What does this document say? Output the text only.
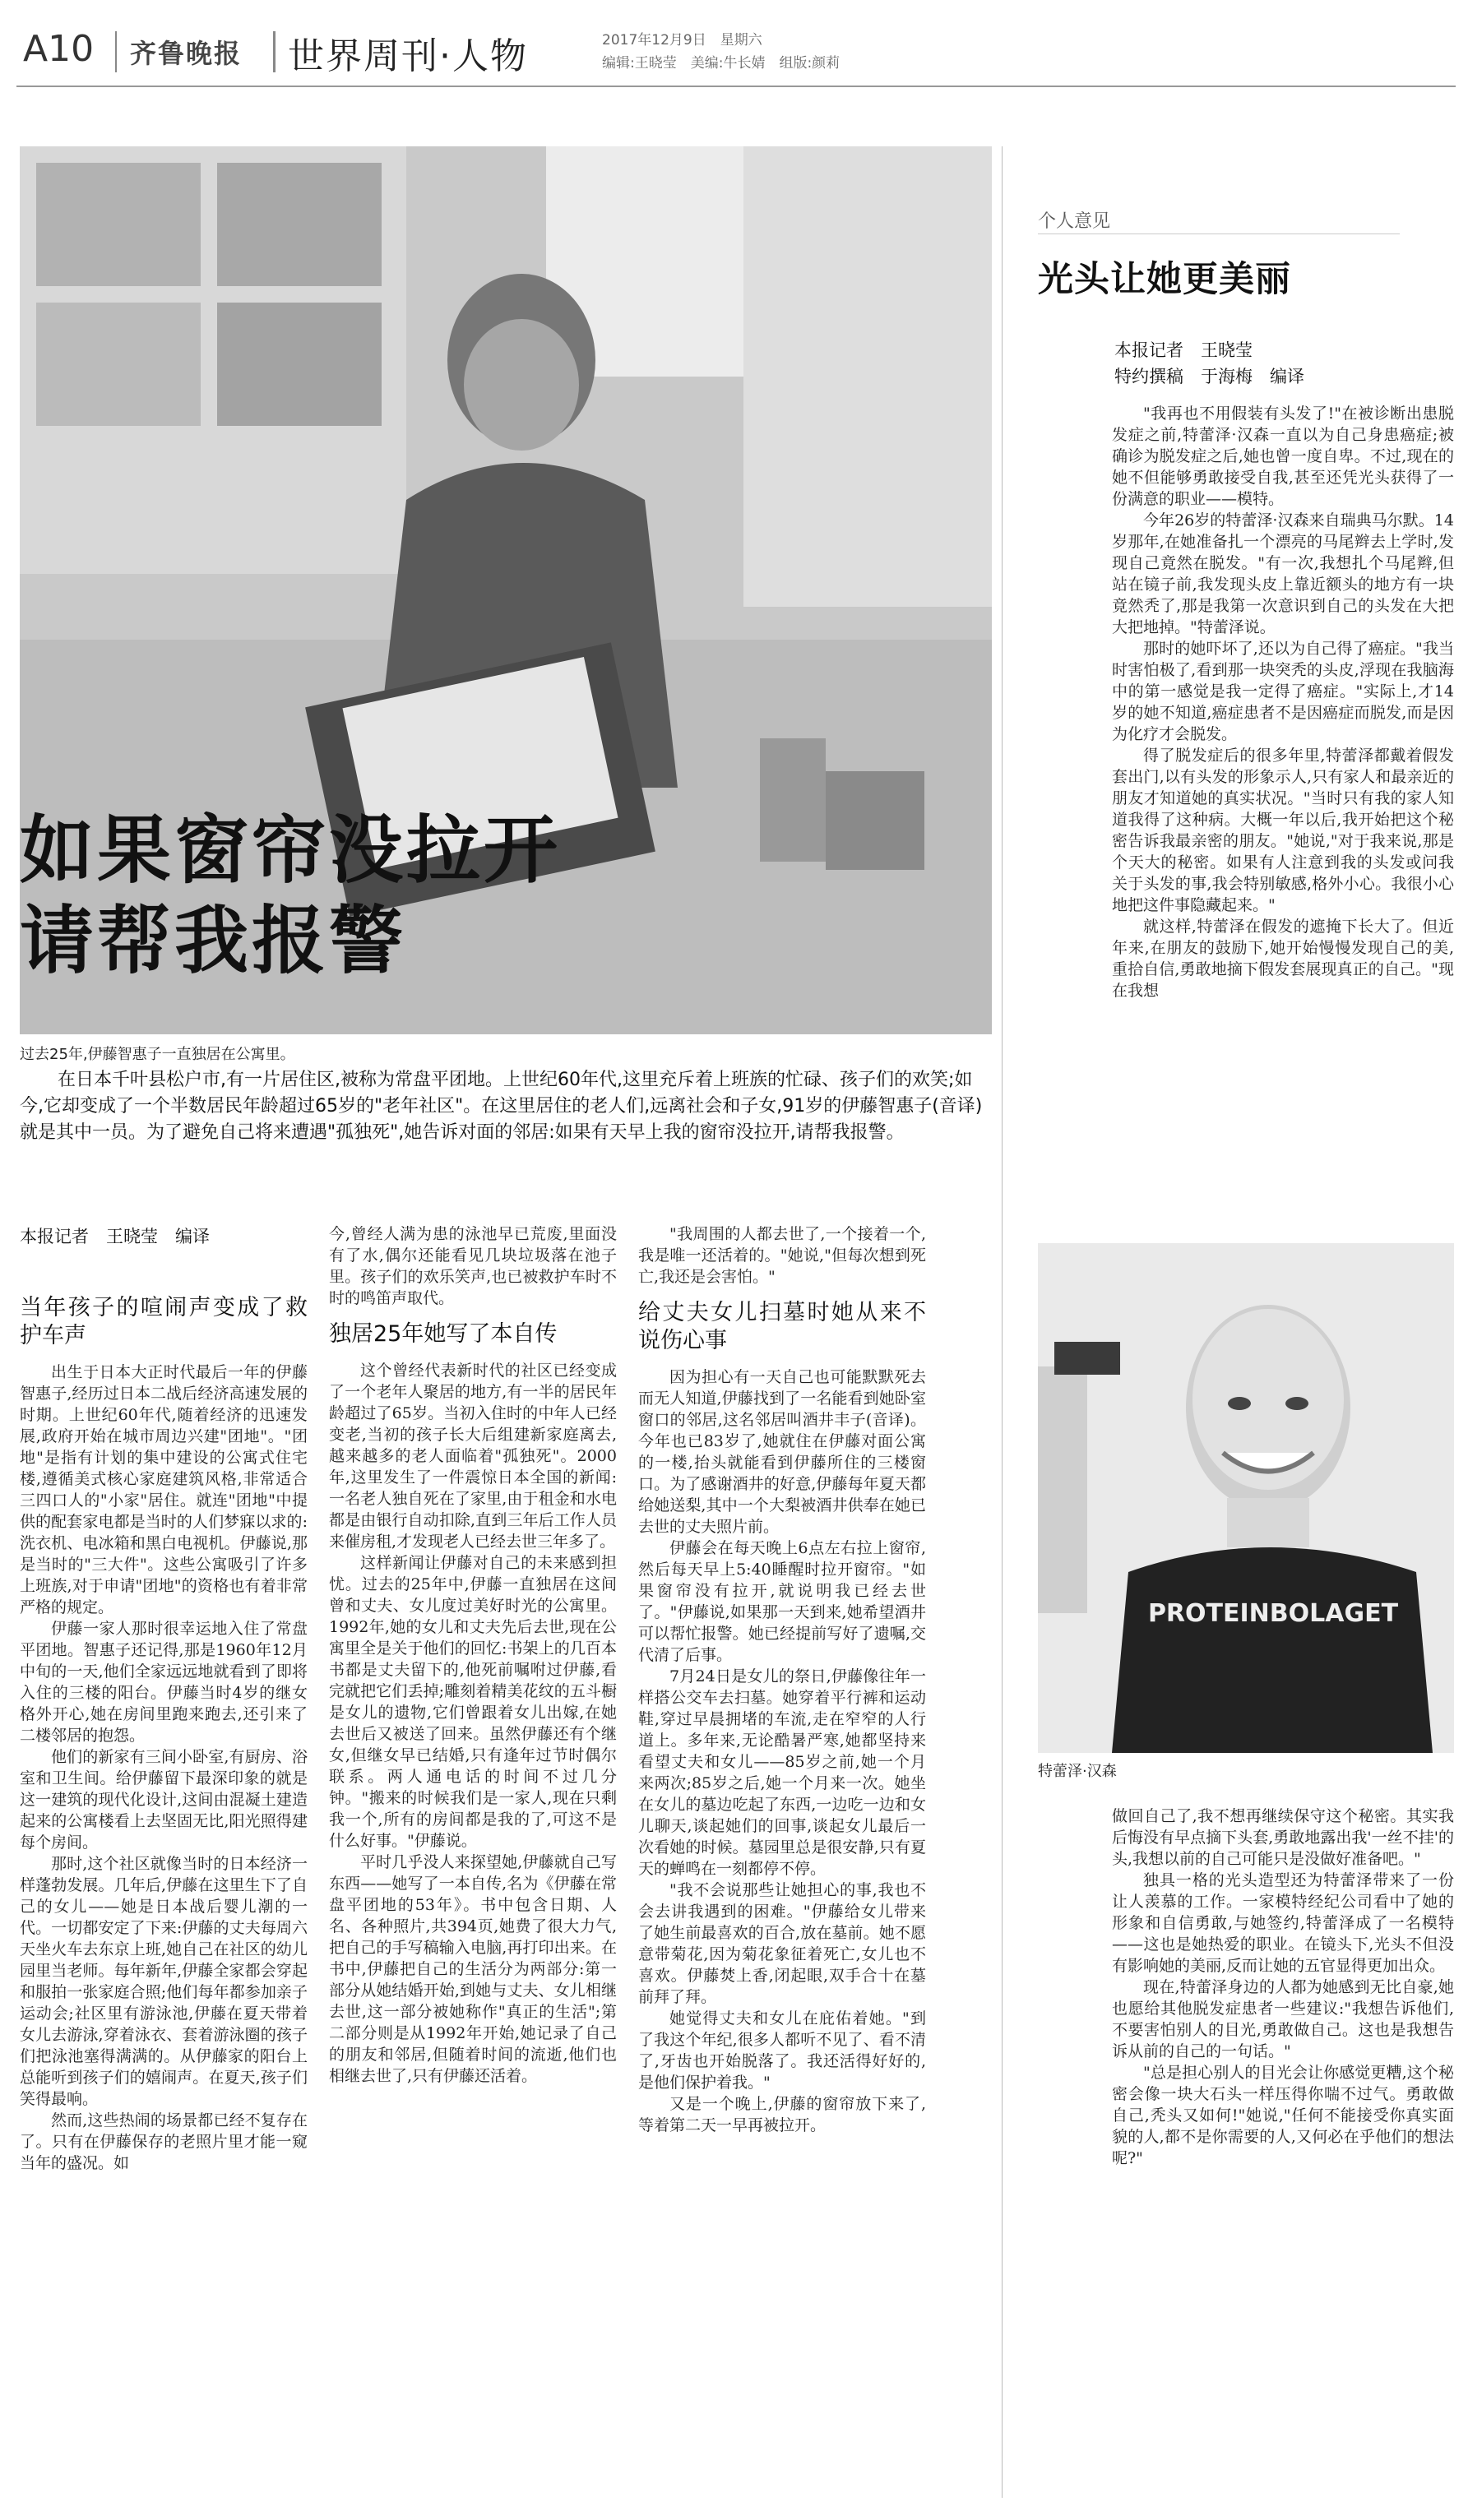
A10 齐鲁晚报 世界周刊·人物	2017年12月9日　星期六
编辑:王晓莹　美编:牛长婧　组版:颜莉
过去25年,伊藤智惠子一直独居在公寓里。
如果窗帘没拉开
请帮我报警
在日本千叶县松户市,有一片居住区,被称为常盘平团地。上世纪60年代,这里充斥着上班族的忙碌、孩子们的欢笑;如今,它却变成了一个半数居民年龄超过65岁的"老年社区"。在这里居住的老人们,远离社会和子女,91岁的伊藤智惠子(音译)就是其中一员。为了避免自己将来遭遇"孤独死",她告诉对面的邻居:如果有天早上我的窗帘没拉开,请帮我报警。
本报记者　王晓莹　编译
当年孩子的喧闹声变成了救护车声

出生于日本大正时代最后一年的伊藤智惠子,经历过日本二战后经济高速发展的时期。上世纪60年代,随着经济的迅速发展,政府开始在城市周边兴建"团地"。"团地"是指有计划的集中建设的公寓式住宅楼,遵循美式核心家庭建筑风格,非常适合三四口人的"小家"居住。就连"团地"中提供的配套家电都是当时的人们梦寐以求的:洗衣机、电冰箱和黑白电视机。伊藤说,那是当时的"三大件"。这些公寓吸引了许多上班族,对于申请"团地"的资格也有着非常严格的规定。

伊藤一家人那时很幸运地入住了常盘平团地。智惠子还记得,那是1960年12月中旬的一天,他们全家远远地就看到了即将入住的三楼的阳台。伊藤当时4岁的继女格外开心,她在房间里跑来跑去,还引来了二楼邻居的抱怨。

他们的新家有三间小卧室,有厨房、浴室和卫生间。给伊藤留下最深印象的就是这一建筑的现代化设计,这间由混凝土建造起来的公寓楼看上去坚固无比,阳光照得建每个房间。

那时,这个社区就像当时的日本经济一样蓬勃发展。几年后,伊藤在这里生下了自己的女儿——她是日本战后婴儿潮的一代。一切都安定了下来:伊藤的丈夫每周六天坐火车去东京上班,她自己在社区的幼儿园里当老师。每年新年,伊藤全家都会穿起和服拍一张家庭合照;他们每年都参加亲子运动会;社区里有游泳池,伊藤在夏天带着女儿去游泳,穿着泳衣、套着游泳圈的孩子们把泳池塞得满满的。从伊藤家的阳台上总能听到孩子们的嬉闹声。在夏天,孩子们笑得最响。

然而,这些热闹的场景都已经不复存在了。只有在伊藤保存的老照片里才能一窥当年的盛况。如

今,曾经人满为患的泳池早已荒废,里面没有了水,偶尔还能看见几块垃圾落在池子里。孩子们的欢乐笑声,也已被救护车时不时的鸣笛声取代。

独居25年她写了本自传

这个曾经代表新时代的社区已经变成了一个老年人聚居的地方,有一半的居民年龄超过了65岁。当初入住时的中年人已经变老,当初的孩子长大后组建新家庭离去,越来越多的老人面临着"孤独死"。2000年,这里发生了一件震惊日本全国的新闻:一名老人独自死在了家里,由于租金和水电都是由银行自动扣除,直到三年后工作人员来催房租,才发现老人已经去世三年多了。

这样新闻让伊藤对自己的未来感到担忧。过去的25年中,伊藤一直独居在这间曾和丈夫、女儿度过美好时光的公寓里。1992年,她的女儿和丈夫先后去世,现在公寓里全是关于他们的回忆:书架上的几百本书都是丈夫留下的,他死前嘱咐过伊藤,看完就把它们丢掉;雕刻着精美花纹的五斗橱是女儿的遗物,它们曾跟着女儿出嫁,在她去世后又被送了回来。虽然伊藤还有个继女,但继女早已结婚,只有逢年过节时偶尔联系。两人通电话的时间不过几分钟。"搬来的时候我们是一家人,现在只剩我一个,所有的房间都是我的了,可这不是什么好事。"伊藤说。

平时几乎没人来探望她,伊藤就自己写东西——她写了一本自传,名为《伊藤在常盘平团地的53年》。书中包含日期、人名、各种照片,共394页,她费了很大力气,把自己的手写稿输入电脑,再打印出来。在书中,伊藤把自己的生活分为两部分:第一部分从她结婚开始,到她与丈夫、女儿相继去世,这一部分被她称作"真正的生活";第二部分则是从1992年开始,她记录了自己的朋友和邻居,但随着时间的流逝,他们也相继去世了,只有伊藤还活着。

"我周围的人都去世了,一个接着一个,我是唯一还活着的。"她说,"但每次想到死亡,我还是会害怕。"

给丈夫女儿扫墓时她从来不说伤心事

因为担心有一天自己也可能默默死去而无人知道,伊藤找到了一名能看到她卧室窗口的邻居,这名邻居叫酒井丰子(音译)。今年也已83岁了,她就住在伊藤对面公寓的一楼,抬头就能看到伊藤所住的三楼窗口。为了感谢酒井的好意,伊藤每年夏天都给她送梨,其中一个大梨被酒井供奉在她已去世的丈夫照片前。

伊藤会在每天晚上6点左右拉上窗帘,然后每天早上5:40睡醒时拉开窗帘。"如果窗帘没有拉开,就说明我已经去世了。"伊藤说,如果那一天到来,她希望酒井可以帮忙报警。她已经提前写好了遗嘱,交代清了后事。

7月24日是女儿的祭日,伊藤像往年一样搭公交车去扫墓。她穿着平行裤和运动鞋,穿过早晨拥堵的车流,走在窄窄的人行道上。多年来,无论酷暑严寒,她都坚持来看望丈夫和女儿——85岁之前,她一个月来两次;85岁之后,她一个月来一次。她坐在女儿的墓边吃起了东西,一边吃一边和女儿聊天,谈起她们的回事,谈起女儿最后一次看她的时候。墓园里总是很安静,只有夏天的蝉鸣在一刻都停不停。

"我不会说那些让她担心的事,我也不会去讲我遇到的困难。"伊藤给女儿带来了她生前最喜欢的百合,放在墓前。她不愿意带菊花,因为菊花象征着死亡,女儿也不喜欢。伊藤焚上香,闭起眼,双手合十在墓前拜了拜。

她觉得丈夫和女儿在庇佑着她。"到了我这个年纪,很多人都听不见了、看不清了,牙齿也开始脱落了。我还活得好好的,是他们保护着我。"

又是一个晚上,伊藤的窗帘放下来了,等着第二天一早再被拉开。

个人意见
光头让她更美丽
本报记者　王晓莹
特约撰稿　于海梅　编译

"我再也不用假装有头发了!"在被诊断出患脱发症之前,特蕾泽·汉森一直以为自己身患癌症;被确诊为脱发症之后,她也曾一度自卑。不过,现在的她不但能够勇敢接受自我,甚至还凭光头获得了一份满意的职业——模特。

今年26岁的特蕾泽·汉森来自瑞典马尔默。14岁那年,在她准备扎一个漂亮的马尾辫去上学时,发现自己竟然在脱发。"有一次,我想扎个马尾辫,但站在镜子前,我发现头皮上靠近额头的地方有一块竟然秃了,那是我第一次意识到自己的头发在大把大把地掉。"特蕾泽说。

那时的她吓坏了,还以为自己得了癌症。"我当时害怕极了,看到那一块突秃的头皮,浮现在我脑海中的第一感觉是我一定得了癌症。"实际上,才14岁的她不知道,癌症患者不是因癌症而脱发,而是因为化疗才会脱发。

得了脱发症后的很多年里,特蕾泽都戴着假发套出门,以有头发的形象示人,只有家人和最亲近的朋友才知道她的真实状况。"当时只有我的家人知道我得了这种病。大概一年以后,我开始把这个秘密告诉我最亲密的朋友。"她说,"对于我来说,那是个天大的秘密。如果有人注意到我的头发或问我关于头发的事,我会特别敏感,格外小心。我很小心地把这件事隐藏起来。"

就这样,特蕾泽在假发的遮掩下长大了。但近年来,在朋友的鼓励下,她开始慢慢发现自己的美,重拾自信,勇敢地摘下假发套展现真正的自己。"现在我想

PROTEINBOLAGET
特蕾泽·汉森

做回自己了,我不想再继续保守这个秘密。其实我后悔没有早点摘下头套,勇敢地露出我'一丝不挂'的头,我想以前的自己可能只是没做好准备吧。"

独具一格的光头造型还为特蕾泽带来了一份让人羡慕的工作。一家模特经纪公司看中了她的形象和自信勇敢,与她签约,特蕾泽成了一名模特——这也是她热爱的职业。在镜头下,光头不但没有影响她的美丽,反而让她的五官显得更加出众。

现在,特蕾泽身边的人都为她感到无比自豪,她也愿给其他脱发症患者一些建议:"我想告诉他们,不要害怕别人的目光,勇敢做自己。这也是我想告诉从前的自己的一句话。"

"总是担心别人的目光会让你感觉更糟,这个秘密会像一块大石头一样压得你喘不过气。勇敢做自己,秃头又如何!"她说,"任何不能接受你真实面貌的人,都不是你需要的人,又何必在乎他们的想法呢?"
